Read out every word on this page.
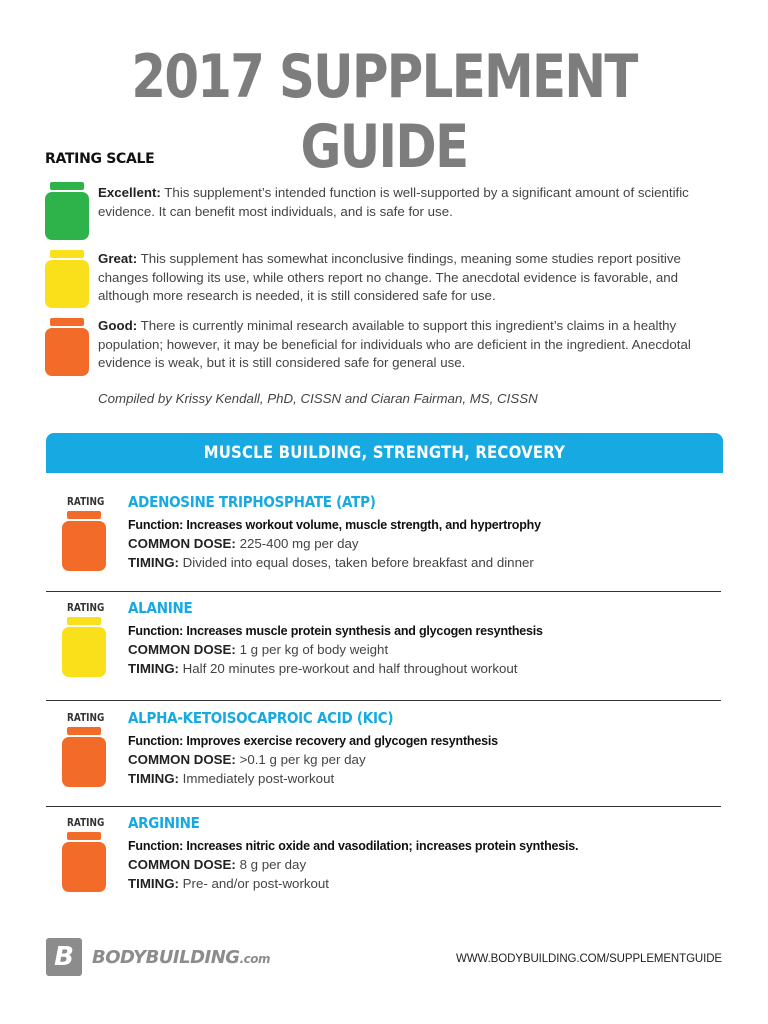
2017 SUPPLEMENT GUIDE
RATING SCALE
Excellent: This supplement’s intended function is well-supported by a significant amount of scientific evidence. It can benefit most individuals, and is safe for use.
Great: This supplement has somewhat inconclusive findings, meaning some studies report positive changes following its use, while others report no change. The anecdotal evidence is favorable, and although more research is needed, it is still considered safe for use.
Good: There is currently minimal research available to support this ingredient’s claims in a healthy population; however, it may be beneficial for individuals who are deficient in the ingredient. Anecdotal evidence is weak, but it is still considered safe for general use.
Compiled by Krissy Kendall, PhD, CISSN and Ciaran Fairman, MS, CISSN
MUSCLE BUILDING, STRENGTH, RECOVERY
RATING ADENOSINE TRIPHOSPHATE (ATP)
Function: Increases workout volume, muscle strength, and hypertrophy
COMMON DOSE: 225-400 mg per day
TIMING: Divided into equal doses, taken before breakfast and dinner
RATING ALANINE
Function: Increases muscle protein synthesis and glycogen resynthesis
COMMON DOSE: 1 g per kg of body weight
TIMING: Half 20 minutes pre-workout and half throughout workout
RATING ALPHA-KETOISOCAPROIC ACID (KIC)
Function: Improves exercise recovery and glycogen resynthesis
COMMON DOSE: >0.1 g per kg per day
TIMING: Immediately post-workout
RATING ARGININE
Function: Increases nitric oxide and vasodilation; increases protein synthesis.
COMMON DOSE: 8 g per day
TIMING: Pre- and/or post-workout
B	BODYBUILDING.com	WWW.BODYBUILDING.COM/SUPPLEMENTGUIDE
